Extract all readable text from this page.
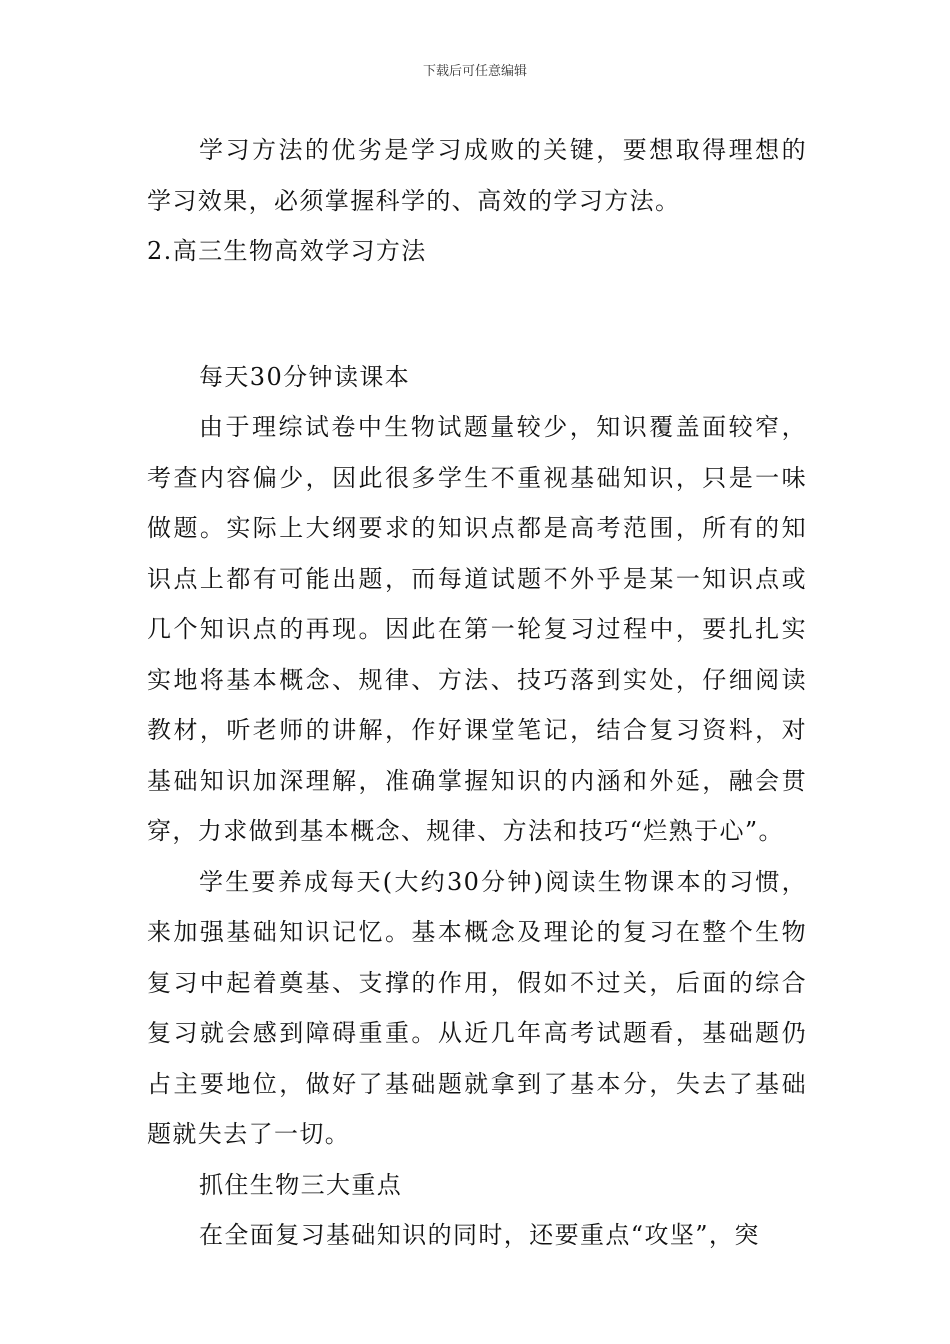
下载后可任意编辑

学习方法的优劣是学习成败的关键，要想取得理想的学习效果，必须掌握科学的、高效的学习方法。

2.高三生物高效学习方法

每天30分钟读课本

由于理综试卷中生物试题量较少，知识覆盖面较窄，考查内容偏少，因此很多学生不重视基础知识，只是一味做题。实际上大纲要求的知识点都是高考范围，所有的知识点上都有可能出题，而每道试题不外乎是某一知识点或几个知识点的再现。因此在第一轮复习过程中，要扎扎实实地将基本概念、规律、方法、技巧落到实处，仔细阅读教材，听老师的讲解，作好课堂笔记，结合复习资料，对基础知识加深理解，准确掌握知识的内涵和外延，融会贯穿，力求做到基本概念、规律、方法和技巧“烂熟于心”。

学生要养成每天(大约30分钟)阅读生物课本的习惯，来加强基础知识记忆。基本概念及理论的复习在整个生物复习中起着奠基、支撑的作用，假如不过关，后面的综合复习就会感到障碍重重。从近几年高考试题看，基础题仍占主要地位，做好了基础题就拿到了基本分，失去了基础题就失去了一切。

抓住生物三大重点

在全面复习基础知识的同时，还要重点“攻坚”，突
